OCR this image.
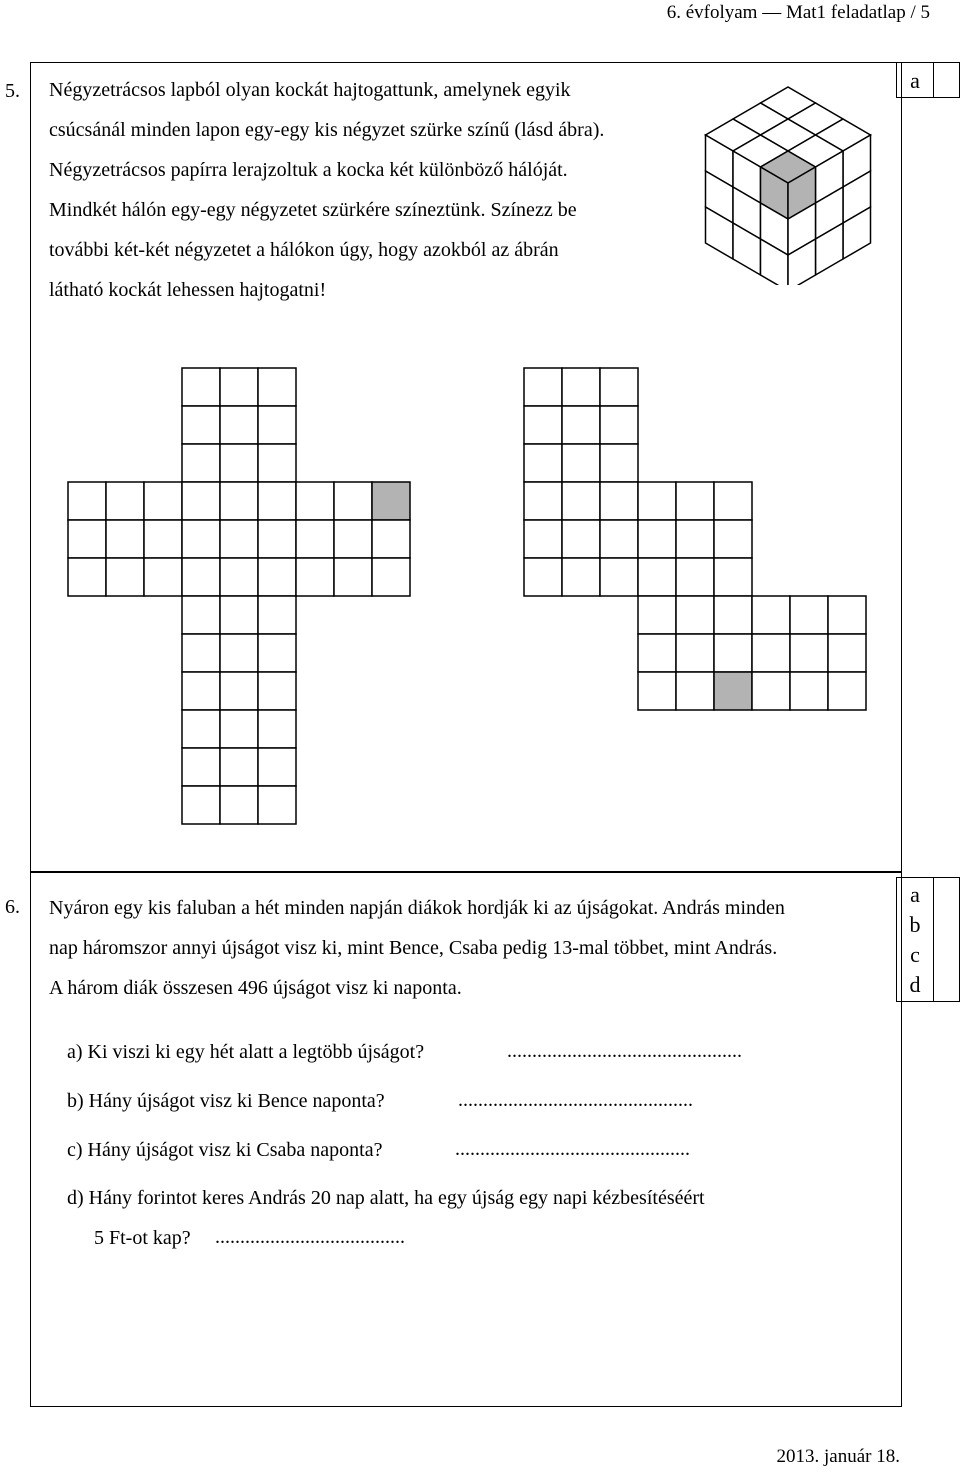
6. évfolyam — Mat1 feladatlap / 5
5. Négyzetrácsos lapból olyan kockát hajtogattunk, amelynek egyik
csúcsánál minden lapon egy-egy kis négyzet szürke színű (lásd ábra).
Négyzetrácsos papírra lerajzoltuk a kocka két különböző hálóját.
Mindkét hálón egy-egy négyzetet szürkére színeztünk. Színezz be
további két-két négyzetet a hálókon úgy, hogy azokból az ábrán
látható kockát lehessen hajtogatni!
a
6. Nyáron egy kis faluban a hét minden napján diákok hordják ki az újságokat. András minden
nap háromszor annyi újságot visz ki, mint Bence, Csaba pedig 13-mal többet, mint András.
A három diák összesen 496 újságot visz ki naponta.
a
b
c
d
a) Ki viszi ki egy hét alatt a legtöbb újságot?	...............................................
b) Hány újságot visz ki Bence naponta?	...............................................
c) Hány újságot visz ki Csaba naponta?	...............................................
d) Hány forintot keres András 20 nap alatt, ha egy újság egy napi kézbesítéséért
5 Ft-ot kap? ......................................
2013. január 18.
